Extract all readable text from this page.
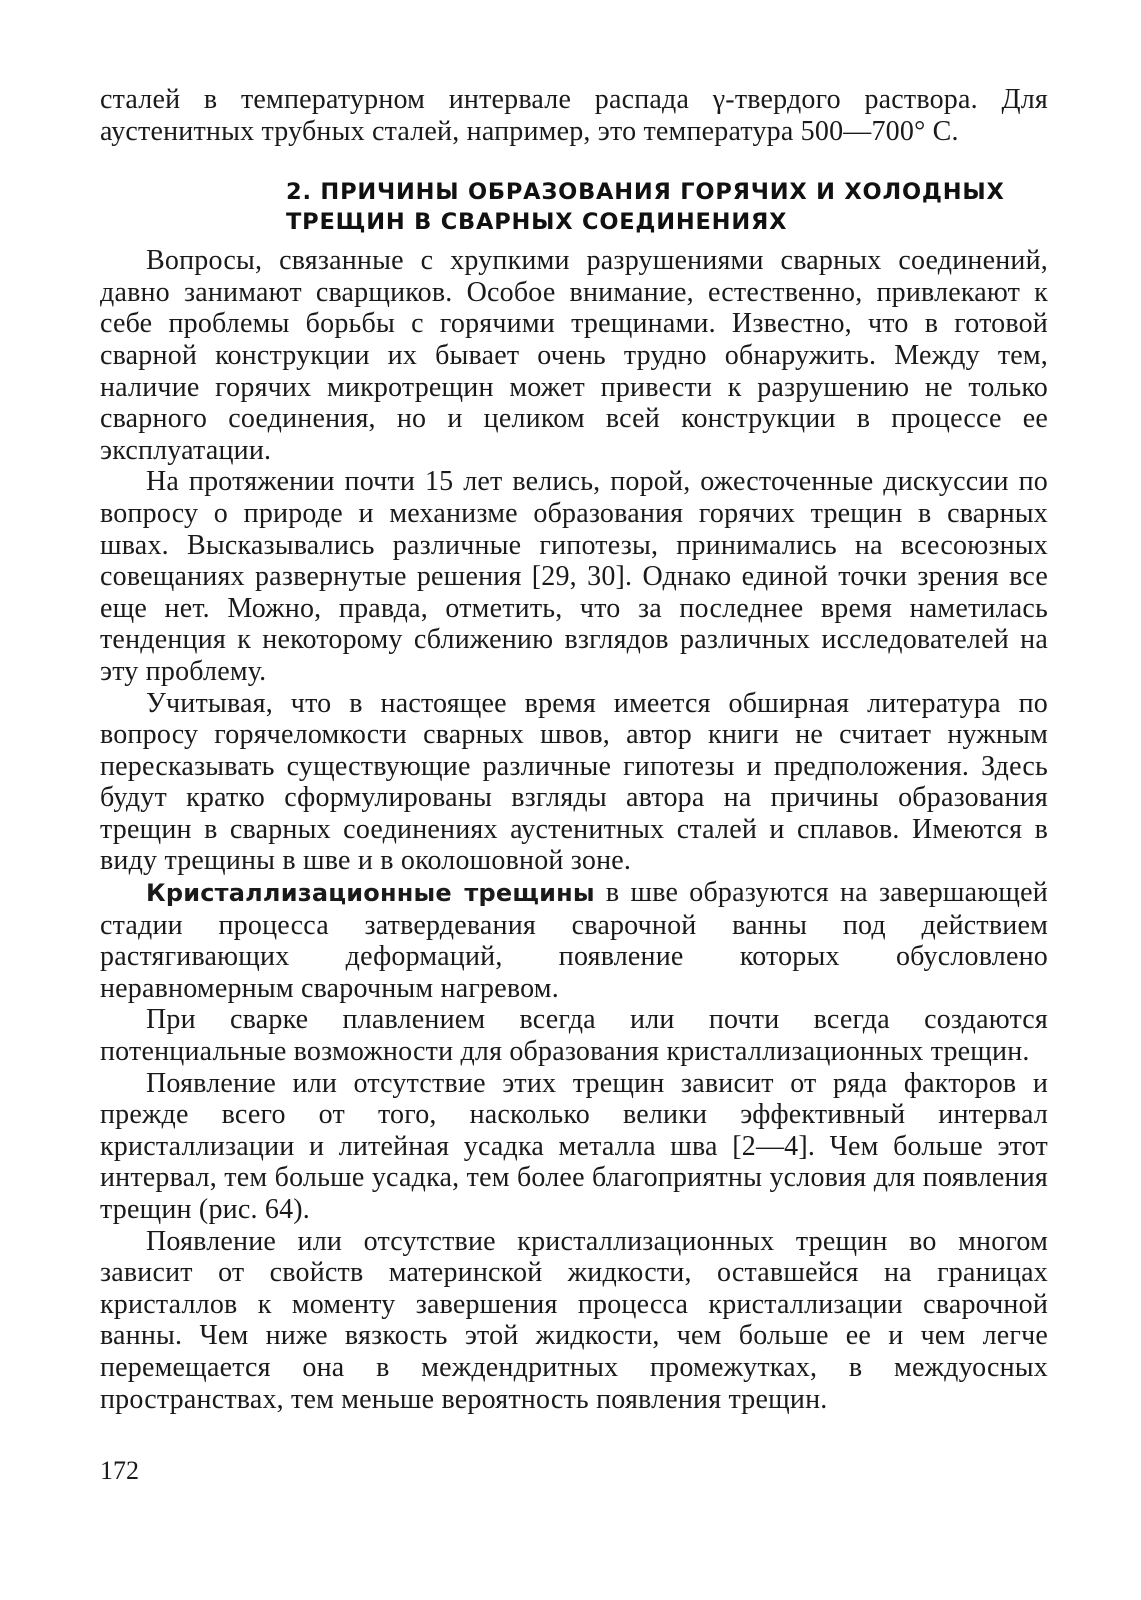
сталей в температурном интервале распада γ-твердого раствора. Для аустенитных трубных сталей, например, это температура 500—700° С.

2. ПРИЧИНЫ ОБРАЗОВАНИЯ ГОРЯЧИХ И ХОЛОДНЫХ ТРЕЩИН В СВАРНЫХ СОЕДИНЕНИЯХ

Вопросы, связанные с хрупкими разрушениями сварных соединений, давно занимают сварщиков. Особое внимание, естественно, привлекают к себе проблемы борьбы с горячими трещинами. Известно, что в готовой сварной конструкции их бывает очень трудно обнаружить. Между тем, наличие горячих микротрещин может привести к разрушению не только сварного соединения, но и целиком всей конструкции в процессе ее эксплуатации.

На протяжении почти 15 лет велись, порой, ожесточенные дискуссии по вопросу о природе и механизме образования горячих трещин в сварных швах. Высказывались различные гипотезы, принимались на всесоюзных совещаниях развернутые решения [29, 30]. Однако единой точки зрения все еще нет. Можно, правда, отметить, что за последнее время наметилась тенденция к некоторому сближению взглядов различных исследователей на эту проблему.

Учитывая, что в настоящее время имеется обширная литература по вопросу горячеломкости сварных швов, автор книги не считает нужным пересказывать существующие различные гипотезы и предположения. Здесь будут кратко сформулированы взгляды автора на причины образования трещин в сварных соединениях аустенитных сталей и сплавов. Имеются в виду трещины в шве и в околошовной зоне.

Кристаллизационные трещины в шве образуются на завершающей стадии процесса затвердевания сварочной ванны под действием растягивающих деформаций, появление которых обусловлено неравномерным сварочным нагревом.

При сварке плавлением всегда или почти всегда создаются потенциальные возможности для образования кристаллизационных трещин.

Появление или отсутствие этих трещин зависит от ряда факторов и прежде всего от того, насколько велики эффективный интервал кристаллизации и литейная усадка металла шва [2—4]. Чем больше этот интервал, тем больше усадка, тем более благоприятны условия для появления трещин (рис. 64).

Появление или отсутствие кристаллизационных трещин во многом зависит от свойств материнской жидкости, оставшейся на границах кристаллов к моменту завершения процесса кристаллизации сварочной ванны. Чем ниже вязкость этой жидкости, чем больше ее и чем легче перемещается она в междендритных промежутках, в междуосных пространствах, тем меньше вероятность появления трещин.

172
